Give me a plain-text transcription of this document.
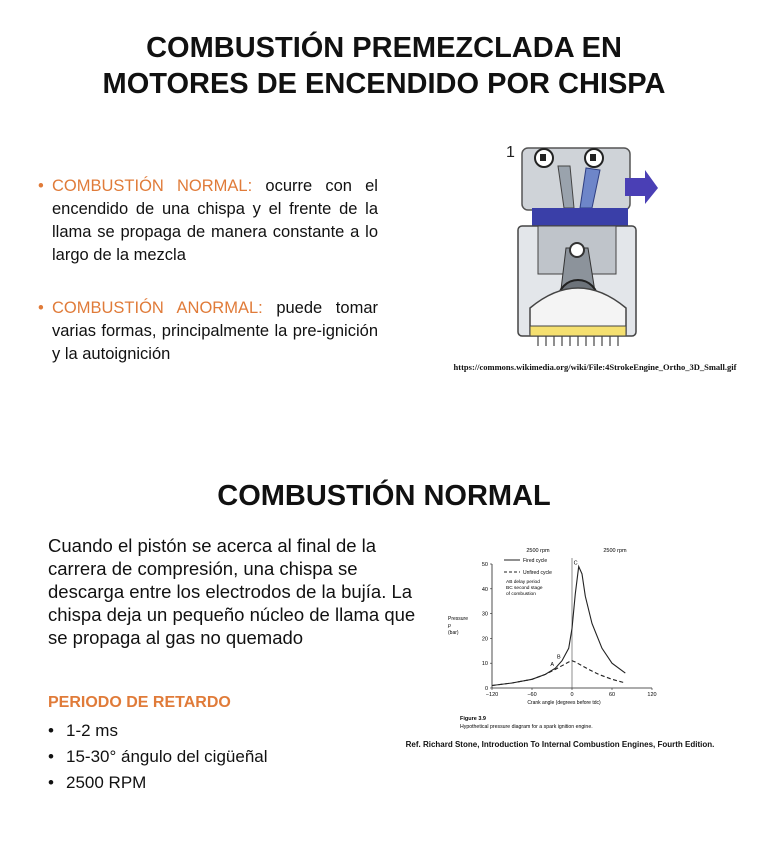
COMBUSTIÓN PREMEZCLADA EN
MOTORES DE ENCENDIDO POR CHISPA
• COMBUSTIÓN NORMAL: ocurre con el encendido de una chispa y el frente de la llama se propaga de manera constante a lo largo de la mezcla
• COMBUSTIÓN ANORMAL: puede tomar varias formas, principalmente la pre-ignición y la autoignición
1
https://commons.wikimedia.org/wiki/File:4StrokeEngine_Ortho_3D_Small.gif
COMBUSTIÓN NORMAL
Cuando el pistón se acerca al final de la carrera de compresión, una chispa se descarga entre los electrodos de la bujía. La chispa deja un pequeño núcleo de llama que se propaga al gas no quemado
PERIODO DE RETARDO
• 1-2 ms
• 15-30° ángulo del cigüeñal
• 2500 RPM
2500 rpm	2500 rpm
0
10
20
30
40
50
−120	−60	0	60	120
Crank angle (degrees before tdc)
Pressure
p
(bar)
Fired cycle
Unfired cycle
AB delay period
BC second stage
of combustion
A
B
C
Figure 3.9
Hypothetical pressure diagram for a spark ignition engine.
Ref. Richard Stone, Introduction To Internal Combustion Engines, Fourth Edition.
